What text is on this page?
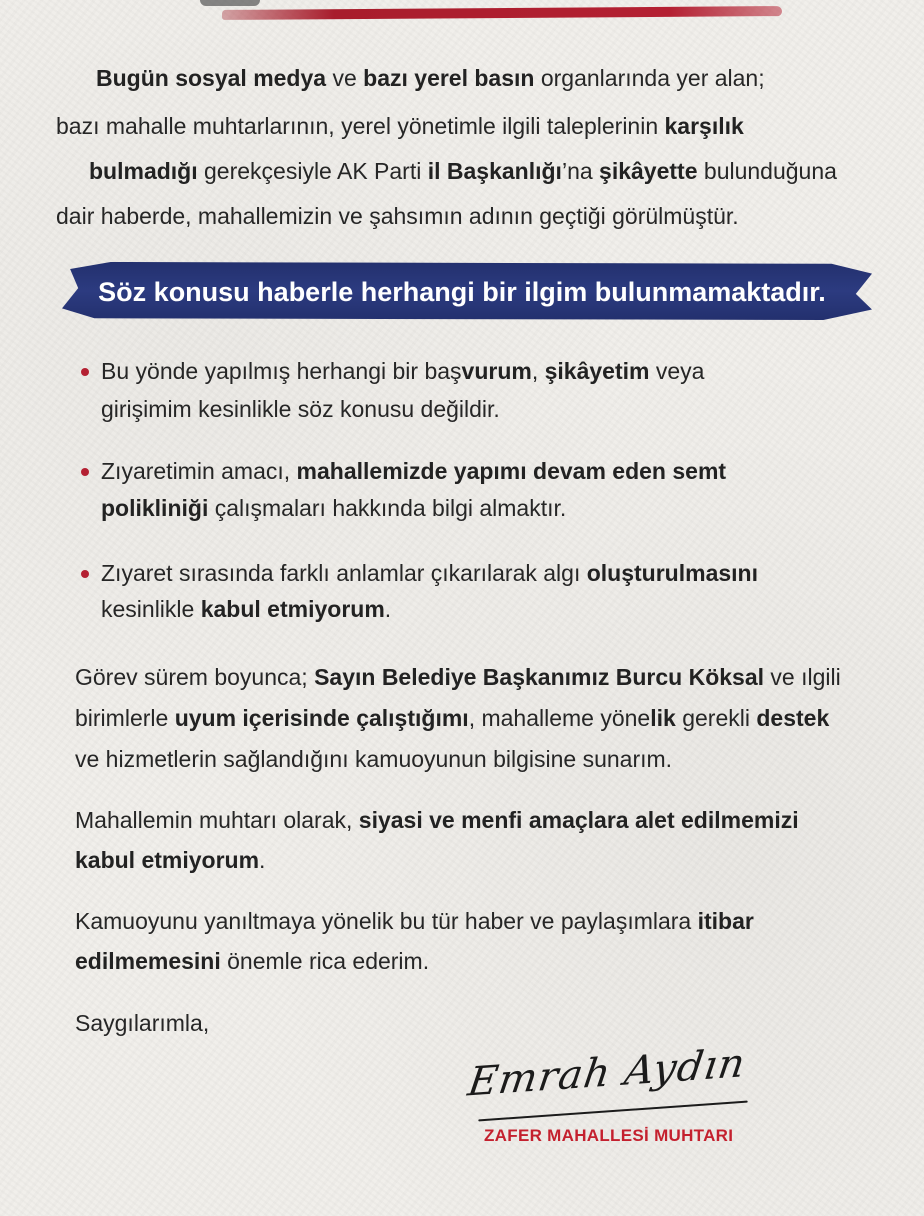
Bugün sosyal medya ve bazı yerel basın organlarında yer alan;
bazı mahalle muhtarlarının, yerel yönetimle ilgili taleplerinin karşılık
bulmadığı gerekçesiyle AK Parti il Başkanlığı’na şikâyette bulunduğuna
dair haberde, mahallemizin ve şahsımın adının geçtiği görülmüştür.
Söz konusu haberle herhangi bir ilgim bulunmamaktadır.
Bu yönde yapılmış herhangi bir başvurum, şikâyetim veya
girişimim kesinlikle söz konusu değildir.
Zıyaretimin amacı, mahallemizde yapımı devam eden semt
polikliniği çalışmaları hakkında bilgi almaktır.
Zıyaret sırasında farklı anlamlar çıkarılarak algı oluşturulmasını
kesinlikle kabul etmiyorum.
Görev sürem boyunca; Sayın Belediye Başkanımız Burcu Köksal ve ılgili
birimlerle uyum içerisinde çalıştığımı, mahalleme yönelik gerekli destek
ve hizmetlerin sağlandığını kamuoyunun bilgisine sunarım.
Mahallemin muhtarı olarak, siyasi ve menfi amaçlara alet edilmemizi
kabul etmiyorum.
Kamuoyunu yanıltmaya yönelik bu tür haber ve paylaşımlara itibar
edilmemesini önemle rica ederim.
Saygılarımla,
Emrah Aydın
ZAFER MAHALLESİ MUHTARI
